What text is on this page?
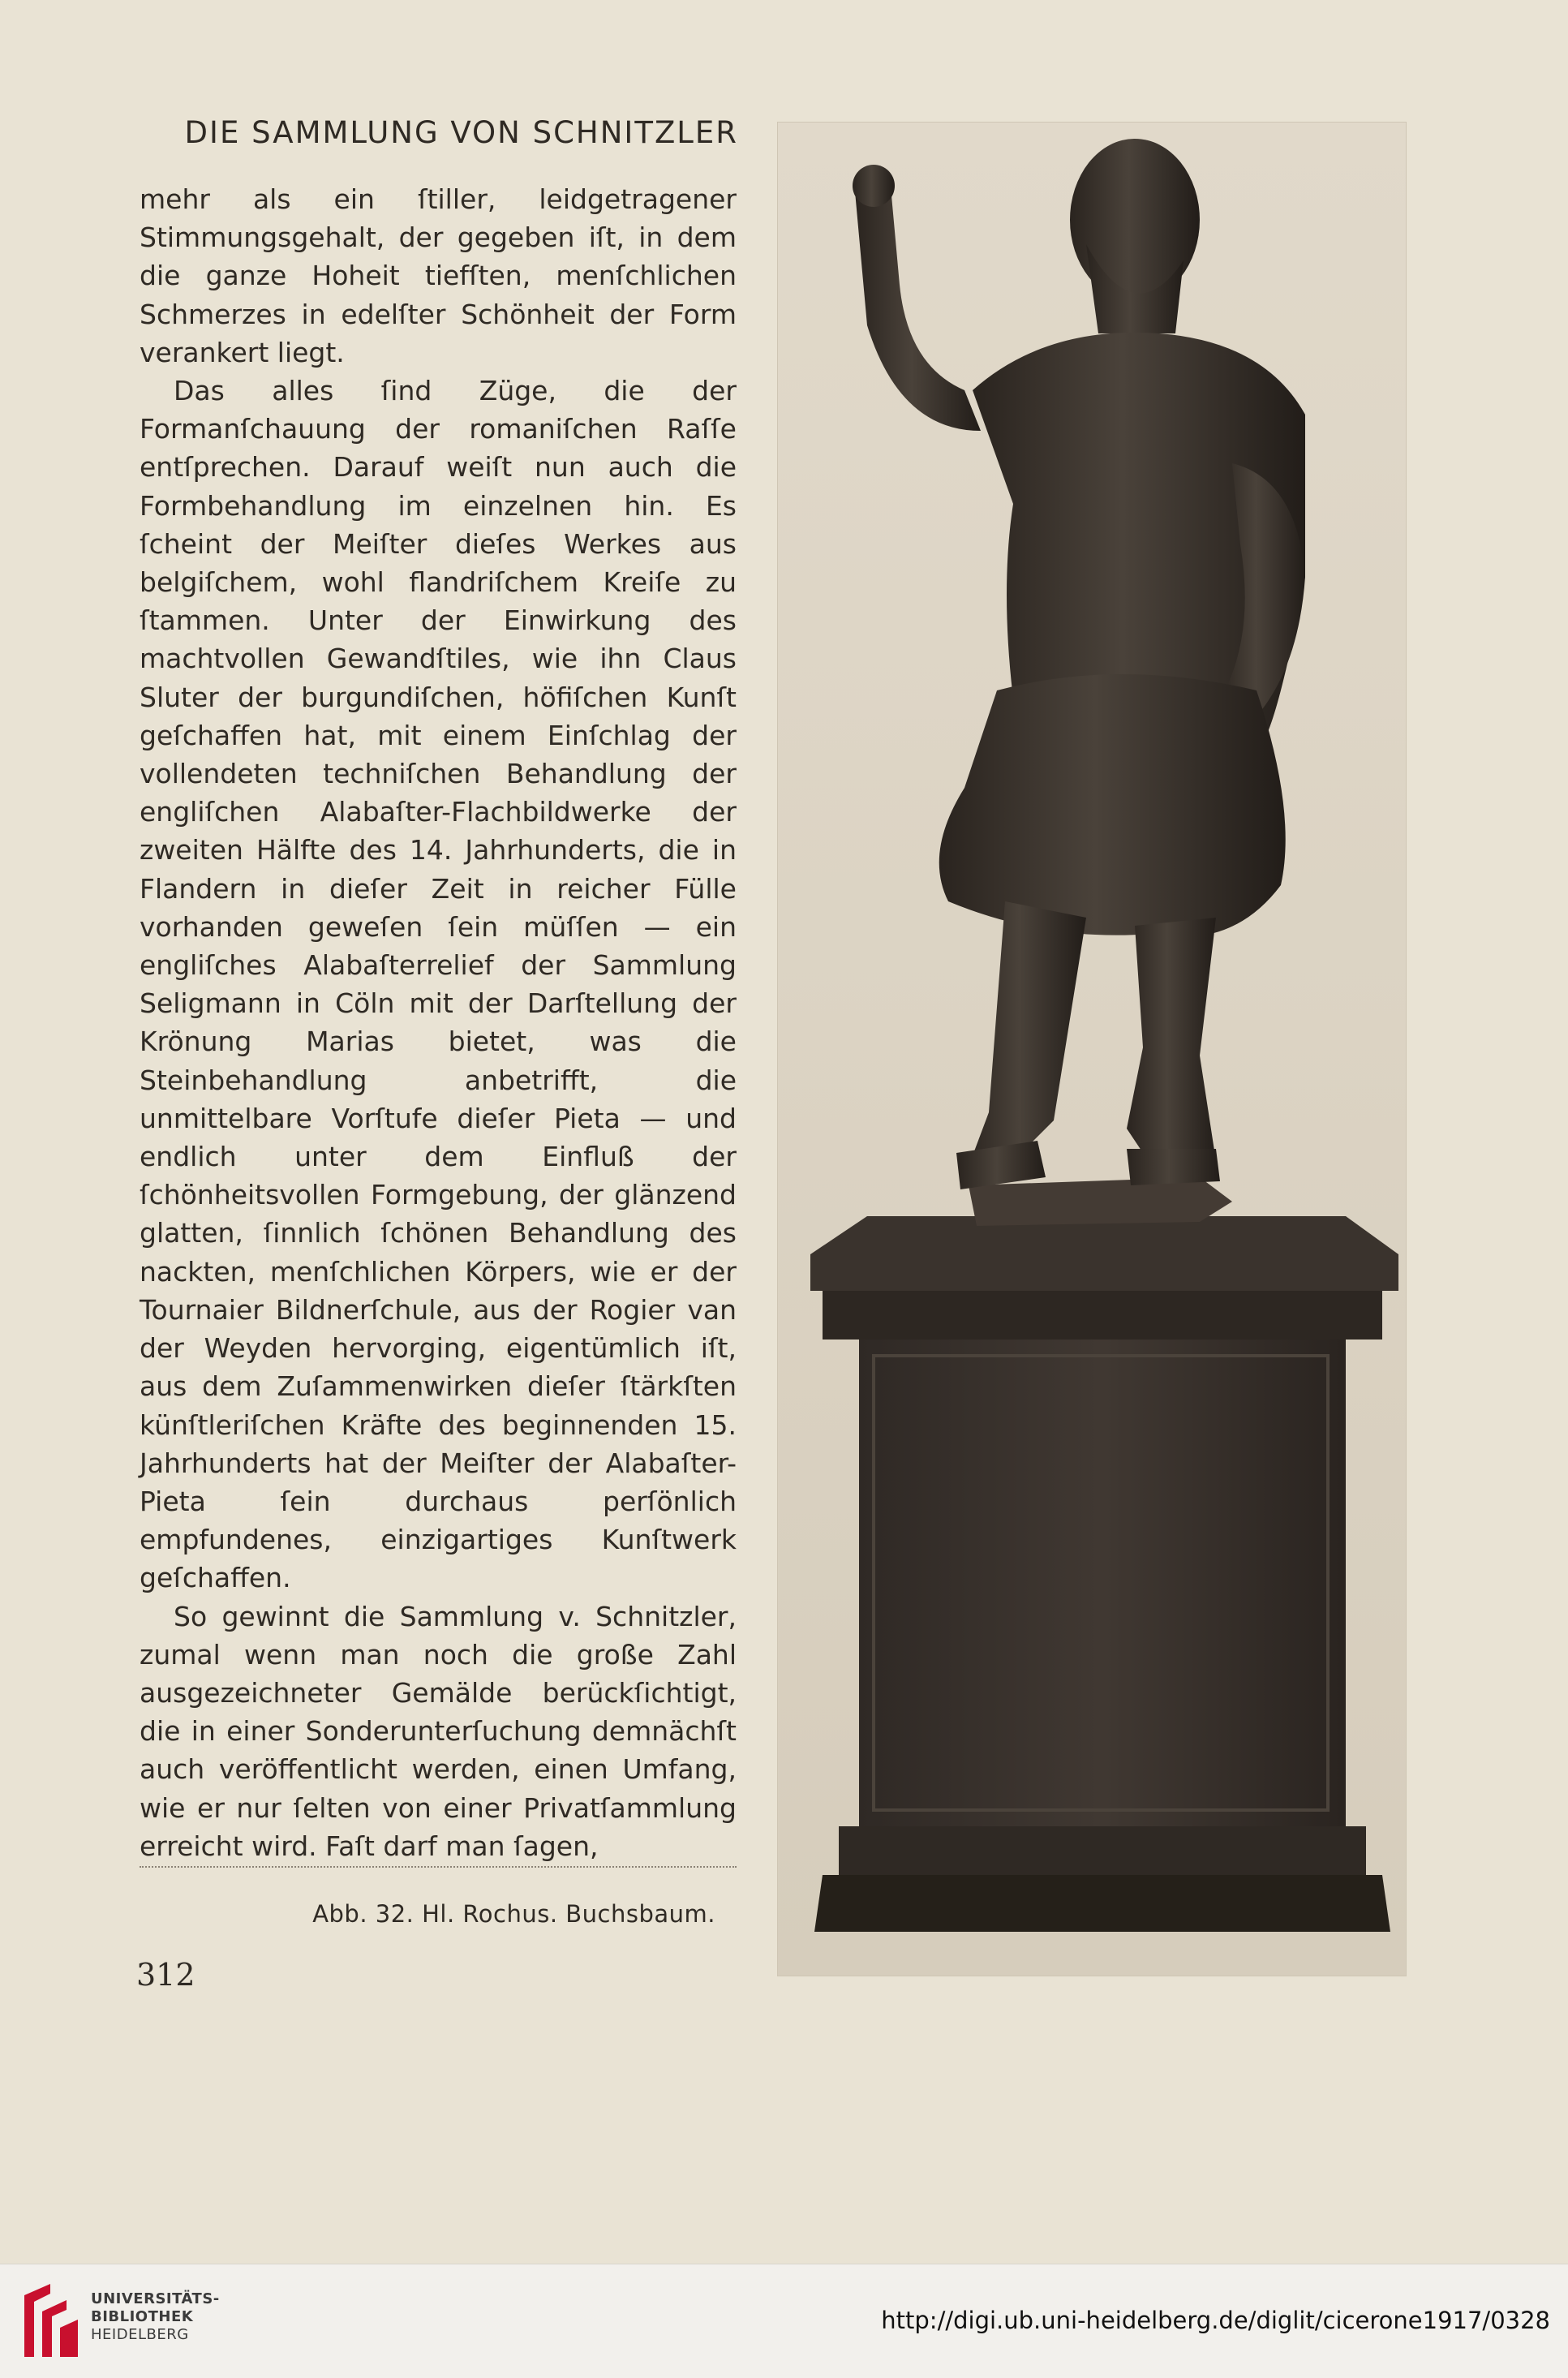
DIE SAMMLUNG VON SCHNITZLER

mehr als ein ſtiller, leidgetragener Stimmungsgehalt, der gegeben iſt, in dem die ganze Hoheit tiefſten, menſchlichen Schmerzes in edelſter Schönheit der Form verankert liegt.

Das alles ſind Züge, die der Formanſchauung der romaniſchen Raſſe entſprechen. Darauf weiſt nun auch die Formbehandlung im einzelnen hin. Es ſcheint der Meiſter dieſes Werkes aus belgiſchem, wohl flandriſchem Kreiſe zu ſtammen. Unter der Einwirkung des machtvollen Gewandſtiles, wie ihn Claus Sluter der burgundiſchen, höfiſchen Kunſt geſchaffen hat, mit einem Einſchlag der vollendeten techniſchen Behandlung der engliſchen Alabaſter-Flachbildwerke der zweiten Hälfte des 14. Jahrhunderts, die in Flandern in dieſer Zeit in reicher Fülle vorhanden geweſen ſein müſſen — ein engliſches Alabaſterrelief der Sammlung Seligmann in Cöln mit der Darſtellung der Krönung Marias bietet, was die Steinbehandlung anbetrifft, die unmittelbare Vorſtufe dieſer Pieta — und endlich unter dem Einfluß der ſchönheitsvollen Formgebung, der glänzend glatten, ſinnlich ſchönen Behandlung des nackten, menſchlichen Körpers, wie er der Tournaier Bildnerſchule, aus der Rogier van der Weyden hervorging, eigentümlich iſt, aus dem Zuſammenwirken dieſer ſtärkſten künſtleriſchen Kräfte des beginnenden 15. Jahrhunderts hat der Meiſter der Alabaſter-Pieta ſein durchaus perſönlich empfundenes, einzigartiges Kunſtwerk geſchaffen.

So gewinnt die Sammlung v. Schnitzler, zumal wenn man noch die große Zahl ausgezeichneter Gemälde berückſichtigt, die in einer Sonderunterſuchung demnächſt auch veröffentlicht werden, einen Umfang, wie er nur ſelten von einer Privatſammlung erreicht wird. Faſt darf man ſagen,

Abb. 32. Hl. Rochus. Buchsbaum.
312
UNIVERSITÄTS-
BIBLIOTHEK
HEIDELBERG
http://digi.ub.uni-heidelberg.de/diglit/cicerone1917/0328
